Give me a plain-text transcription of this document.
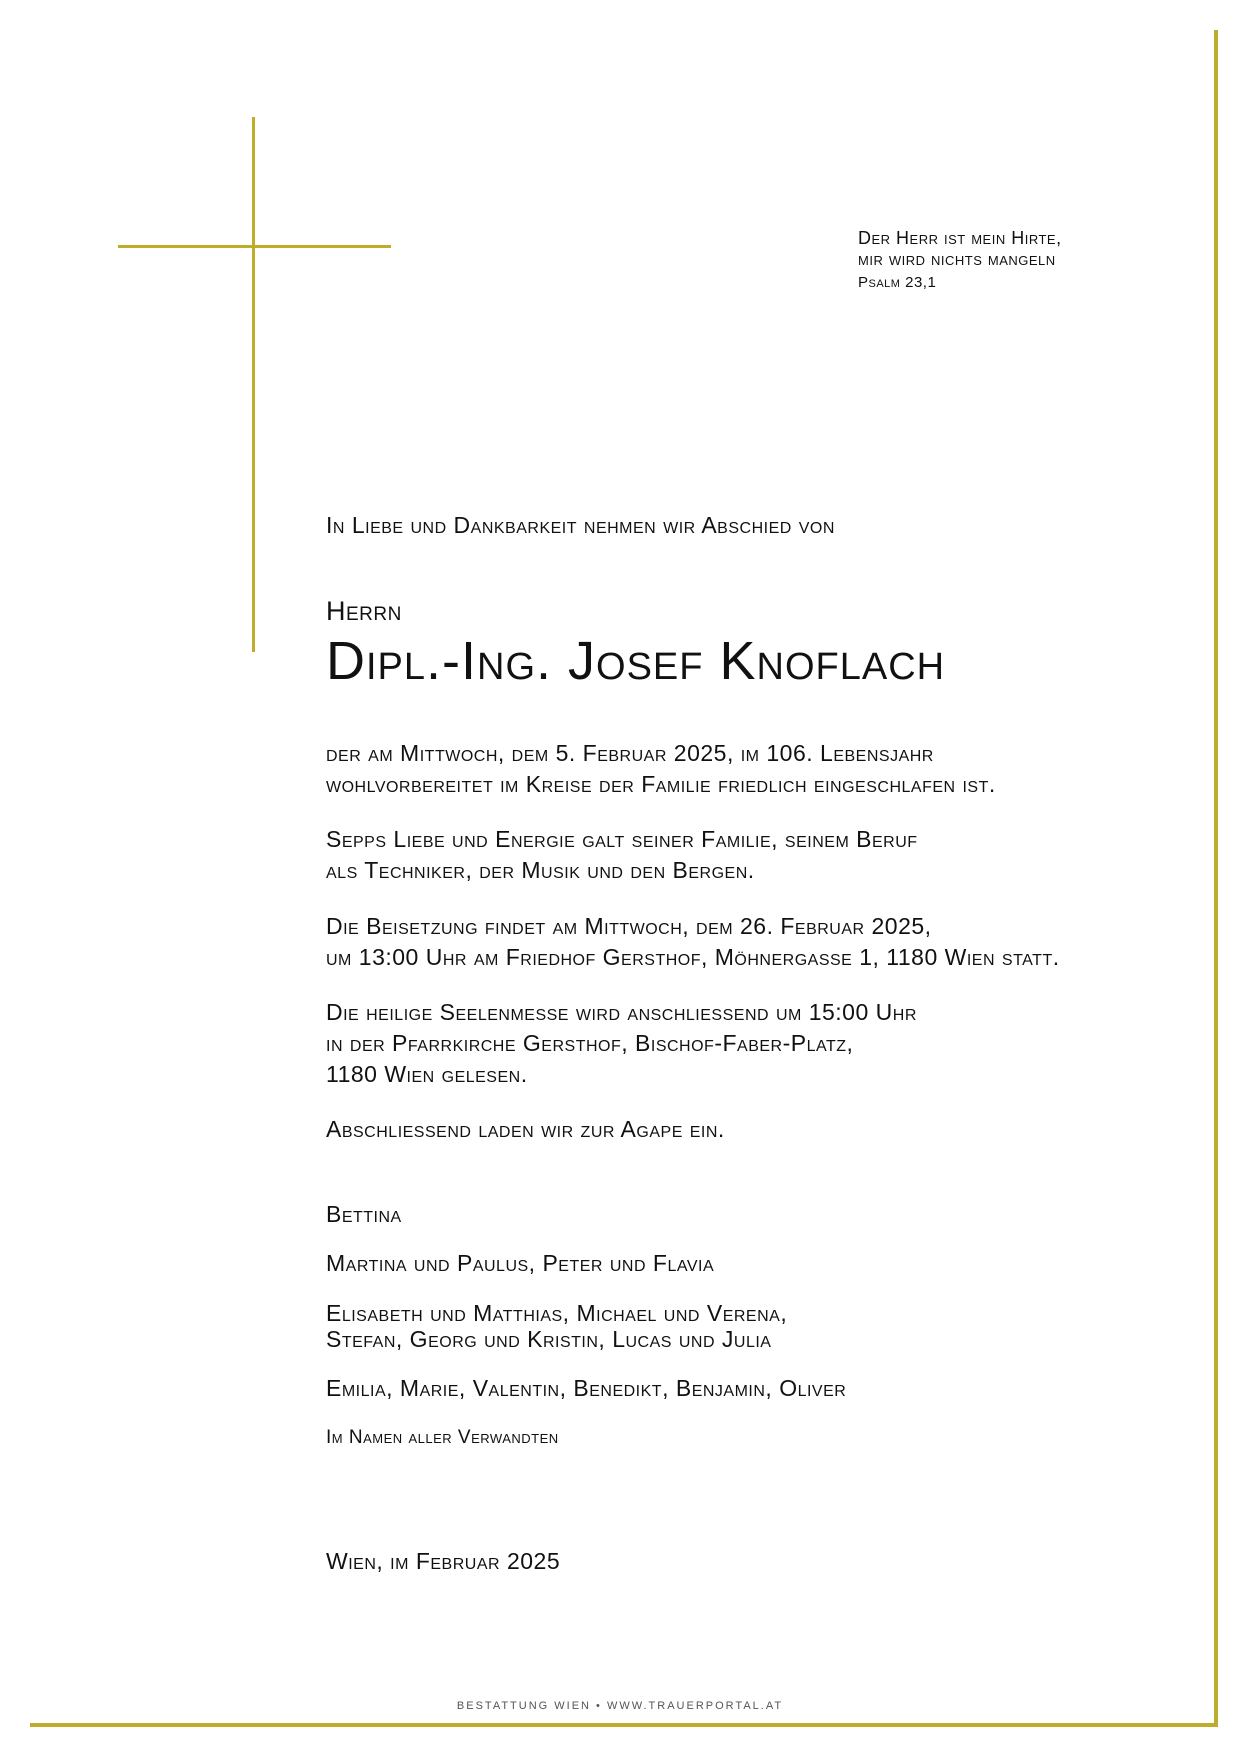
Der Herr ist mein Hirte,
mir wird nichts mangeln
Psalm 23,1
In Liebe und Dankbarkeit nehmen wir Abschied von
Herrn
Dipl.-Ing. Josef Knoflach
der am Mittwoch, dem 5. Februar 2025, im 106. Lebensjahr
wohlvorbereitet im Kreise der Familie friedlich eingeschlafen ist.
Sepps Liebe und Energie galt seiner Familie, seinem Beruf
als Techniker, der Musik und den Bergen.
Die Beisetzung findet am Mittwoch, dem 26. Februar 2025,
um 13:00 Uhr am Friedhof Gersthof, Möhnergasse 1, 1180 Wien statt.
Die heilige Seelenmesse wird anschliessend um 15:00 Uhr
in der Pfarrkirche Gersthof, Bischof-Faber-Platz,
1180 Wien gelesen.
Abschliessend laden wir zur Agape ein.
Bettina
Martina und Paulus, Peter und Flavia
Elisabeth und Matthias, Michael und Verena,
Stefan, Georg und Kristin, Lucas und Julia
Emilia, Marie, Valentin, Benedikt, Benjamin, Oliver
Im Namen aller Verwandten
Wien, im Februar 2025
BESTATTUNG WIEN • WWW.TRAUERPORTAL.AT
